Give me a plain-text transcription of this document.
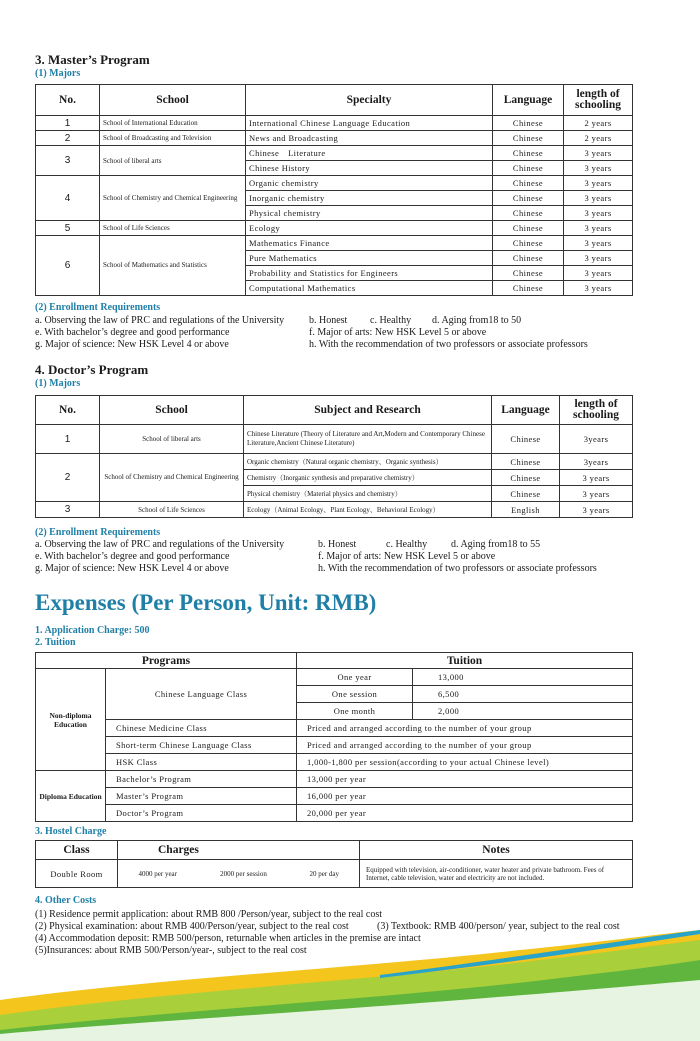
3. Master’s Program
(1) Majors
No.	School	Specialty	Language	length of schooling
1	School of International Education	International Chinese Language Education	Chinese	2 years
2	School of Broadcasting and Television	News and Broadcasting	Chinese	2 years
3	School of liberal arts	Chinese　Literature	Chinese	3 years
		Chinese History	Chinese	3 years
4	School of Chemistry and Chemical Engineering	Organic chemistry	Chinese	3 years
		Inorganic chemistry	Chinese	3 years
		Physical chemistry	Chinese	3 years
5	School of Life Sciences	Ecology	Chinese	3 years
6	School of Mathematics and Statistics	Mathematics Finance	Chinese	3 years
		Pure Mathematics	Chinese	3 years
		Probability and Statistics for Engineers	Chinese	3 years
		Computational Mathematics	Chinese	3 years
(2) Enrollment Requirements
a. Observing the law of PRC and regulations of the University b. Honest c. Healthy d. Aging from18 to 50
e. With bachelor’s degree and good performance	f. Major of arts: New HSK Level 5 or above
g. Major of science: New HSK Level 4 or above	h. With the recommendation of two professors or associate professors
4. Doctor’s Program
(1) Majors
No.	School	Subject and Research	Language	length of schooling
1	School of liberal arts	Chinese Literature (Theory of Literature and Art,Modern and Contemporary Chinese Literature,Ancient Chinese Literature)	Chinese	3years
2	School of Chemistry and Chemical Engineering	Organic chemistry（Natural organic chemistry、Organic synthesis）	Chinese	3years
		Chemistry（Inorganic synthesis and preparative chemistry）	Chinese	3 years
		Physical chemistry（Material physics and chemistry）	Chinese	3 years
3	School of Life Sciences	Ecology（Animal Ecology、Plant Ecology、Behavioral Ecology）	English	3 years
(2) Enrollment Requirements
a. Observing the law of PRC and regulations of the University	b. Honest	c. Healthy d. Aging from18 to 55
e. With bachelor’s degree and good performance	f. Major of arts: New HSK Level 5 or above
g. Major of science: New HSK Level 4 or above	h. With the recommendation of two professors or associate professors
Expenses (Per Person, Unit: RMB)
1. Application Charge: 500
2. Tuition
Programs		Tuition	
Non-diploma Education	Chinese Language Class	One year	13,000
		One session	6,500
		One month	2,000
	Chinese Medicine Class	Priced and arranged according to the number of your group	
	Short-term Chinese Language Class	Priced and arranged according to the number of your group	
	HSK Class	1,000-1,800 per session(according to your actual Chinese level)	
Diploma Education	Bachelor’s Program	13,000 per year	
	Master’s Program	16,000 per year	
	Doctor’s Program	20,000 per year	
3. Hostel Charge
Class	Charges			Notes
Double Room	4000 per year	2000 per session	20 per day	Equipped with television, air-conditioner, water heater and private bathroom. Fees of Internet, cable television, water and electricity are not included.
4. Other Costs
(1) Residence permit application: about RMB 800 /Person/year, subject to the real cost
(2) Physical examination: about RMB 400/Person/year, subject to the real cost	(3) Textbook: RMB 400/person/ year, subject to the real cost
(4) Accommodation deposit: RMB 500/person, returnable when articles in the premise are intact
(5)Insurances: about RMB 500/Person/year-, subject to the real cost
